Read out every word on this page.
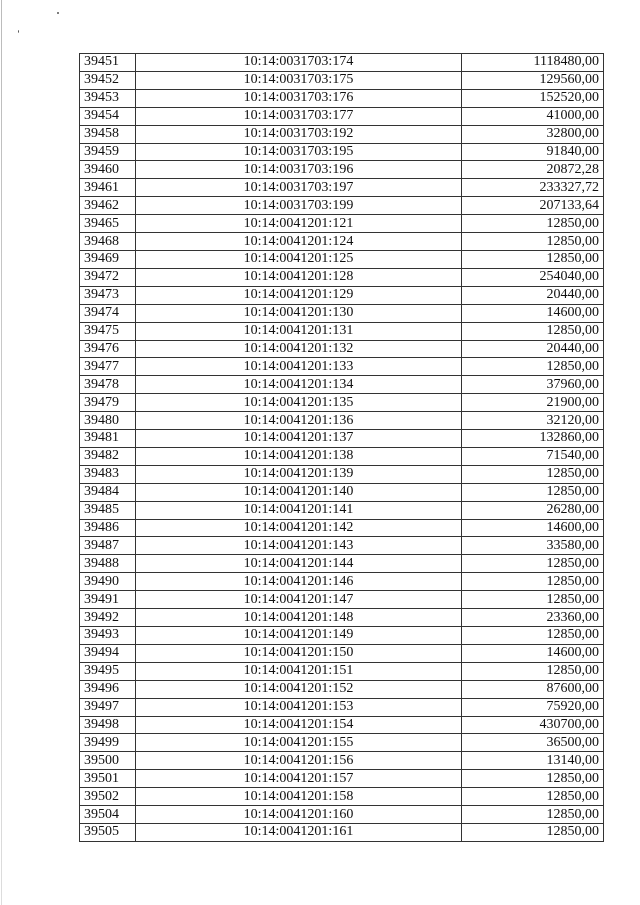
39451	10:14:0031703:174	1118480,00
39452	10:14:0031703:175	129560,00
39453	10:14:0031703:176	152520,00
39454	10:14:0031703:177	41000,00
39458	10:14:0031703:192	32800,00
39459	10:14:0031703:195	91840,00
39460	10:14:0031703:196	20872,28
39461	10:14:0031703:197	233327,72
39462	10:14:0031703:199	207133,64
39465	10:14:0041201:121	12850,00
39468	10:14:0041201:124	12850,00
39469	10:14:0041201:125	12850,00
39472	10:14:0041201:128	254040,00
39473	10:14:0041201:129	20440,00
39474	10:14:0041201:130	14600,00
39475	10:14:0041201:131	12850,00
39476	10:14:0041201:132	20440,00
39477	10:14:0041201:133	12850,00
39478	10:14:0041201:134	37960,00
39479	10:14:0041201:135	21900,00
39480	10:14:0041201:136	32120,00
39481	10:14:0041201:137	132860,00
39482	10:14:0041201:138	71540,00
39483	10:14:0041201:139	12850,00
39484	10:14:0041201:140	12850,00
39485	10:14:0041201:141	26280,00
39486	10:14:0041201:142	14600,00
39487	10:14:0041201:143	33580,00
39488	10:14:0041201:144	12850,00
39490	10:14:0041201:146	12850,00
39491	10:14:0041201:147	12850,00
39492	10:14:0041201:148	23360,00
39493	10:14:0041201:149	12850,00
39494	10:14:0041201:150	14600,00
39495	10:14:0041201:151	12850,00
39496	10:14:0041201:152	87600,00
39497	10:14:0041201:153	75920,00
39498	10:14:0041201:154	430700,00
39499	10:14:0041201:155	36500,00
39500	10:14:0041201:156	13140,00
39501	10:14:0041201:157	12850,00
39502	10:14:0041201:158	12850,00
39504	10:14:0041201:160	12850,00
39505	10:14:0041201:161	12850,00
